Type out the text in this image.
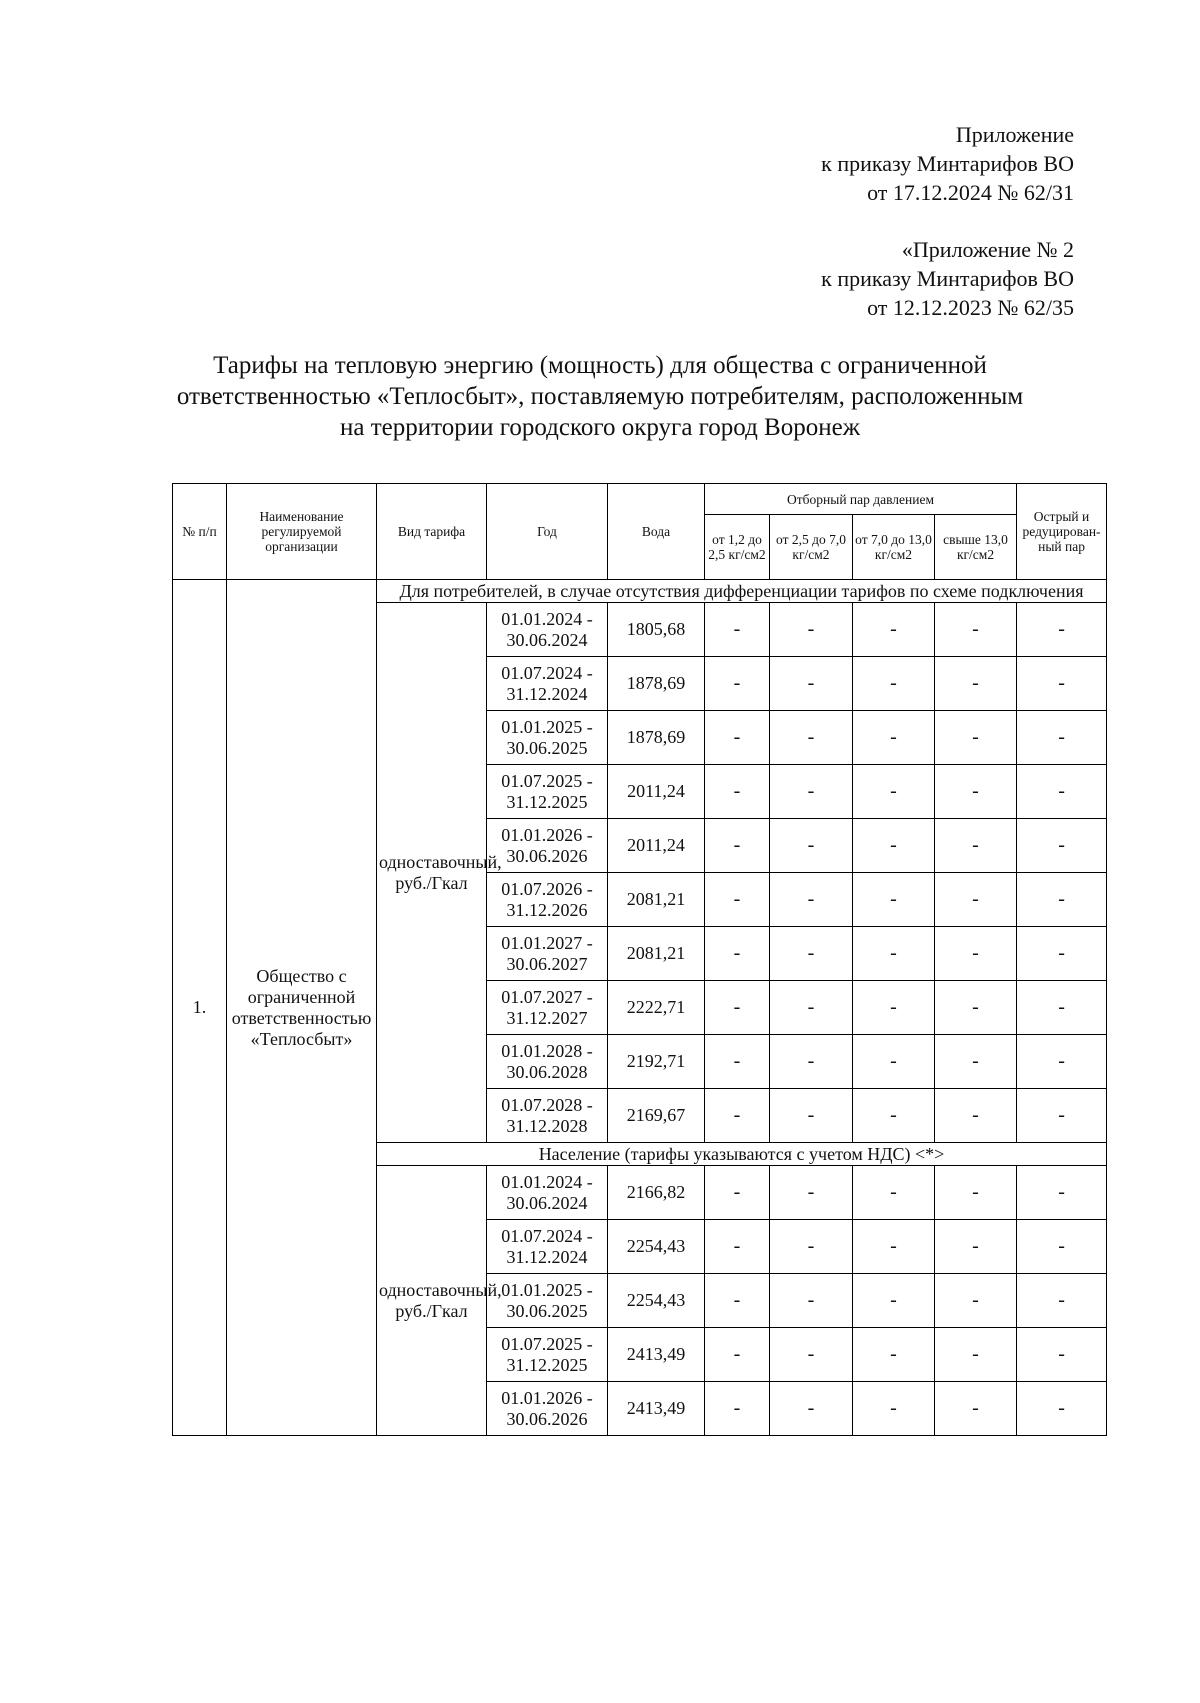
Приложение
к приказу Минтарифов ВО
от 17.12.2024 № 62/31
«Приложение № 2
к приказу Минтарифов ВО
от 12.12.2023 № 62/35
Тарифы на тепловую энергию (мощность) для общества с ограниченной
ответственностью «Теплосбыт», поставляемую потребителям, расположенным
на территории городского округа город Воронеж
№ п/п	Наименование регулируемой организации	Вид тарифа	Год	Вода	Отборный пар давлением				Острый и редуцирован-ный пар
					от 1,2 до 2,5 кг/см2	от 2,5 до 7,0 кг/см2	от 7,0 до 13,0 кг/см2	свыше 13,0 кг/см2	
1.	Общество с ограниченной ответственностью «Теплосбыт»	Для потребителей, в случае отсутствия дифференциации тарифов по схеме подключения							
		одноставочный, руб./Гкал	01.01.2024 - 30.06.2024	1805,68	-	-	-	-	-
			01.07.2024 - 31.12.2024	1878,69	-	-	-	-	-
			01.01.2025 - 30.06.2025	1878,69	-	-	-	-	-
			01.07.2025 - 31.12.2025	2011,24	-	-	-	-	-
			01.01.2026 - 30.06.2026	2011,24	-	-	-	-	-
			01.07.2026 - 31.12.2026	2081,21	-	-	-	-	-
			01.01.2027 - 30.06.2027	2081,21	-	-	-	-	-
			01.07.2027 - 31.12.2027	2222,71	-	-	-	-	-
			01.01.2028 - 30.06.2028	2192,71	-	-	-	-	-
			01.07.2028 - 31.12.2028	2169,67	-	-	-	-	-
		Население (тарифы указываются с учетом НДС) <*>							
		одноставочный, руб./Гкал	01.01.2024 - 30.06.2024	2166,82	-	-	-	-	-
			01.07.2024 - 31.12.2024	2254,43	-	-	-	-	-
			01.01.2025 - 30.06.2025	2254,43	-	-	-	-	-
			01.07.2025 - 31.12.2025	2413,49	-	-	-	-	-
			01.01.2026 - 30.06.2026	2413,49	-	-	-	-	-
